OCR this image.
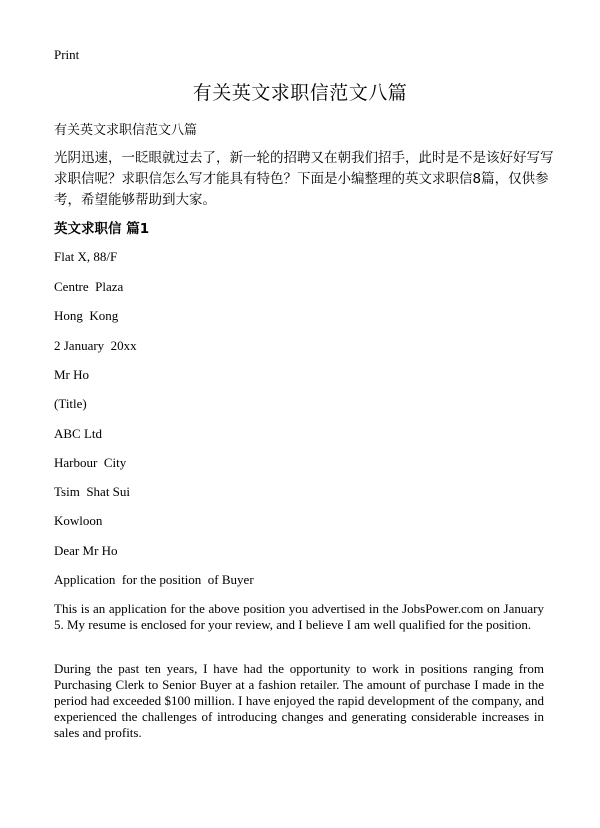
Print
有关英文求职信范文八篇
有关英文求职信范文八篇

光阴迅速，一眨眼就过去了，新一轮的招聘又在朝我们招手，此时是不是该好好写写求职信呢？求职信怎么写才能具有特色？下面是小编整理的英文求职信8篇，仅供参考，希望能够帮助到大家。

英文求职信 篇1
Flat X, 88/F
Centre  Plaza
Hong  Kong
2 January  20xx
Mr Ho
(Title)
ABC Ltd
Harbour  City
Tsim  Shat Sui
Kowloon
Dear Mr Ho
Application  for the position  of Buyer

This is an application for the above position you advertised in the JobsPower.com on January 5. My resume is enclosed for your review, and I believe I am well qualified for the position.

During the past ten years, I have had the opportunity to work in positions ranging from Purchasing Clerk to Senior Buyer at a fashion retailer. The amount of purchase I made in the period had exceeded $100 million. I have enjoyed the rapid development of the company, and experienced the challenges of introducing changes and generating considerable increases in sales and profits.
